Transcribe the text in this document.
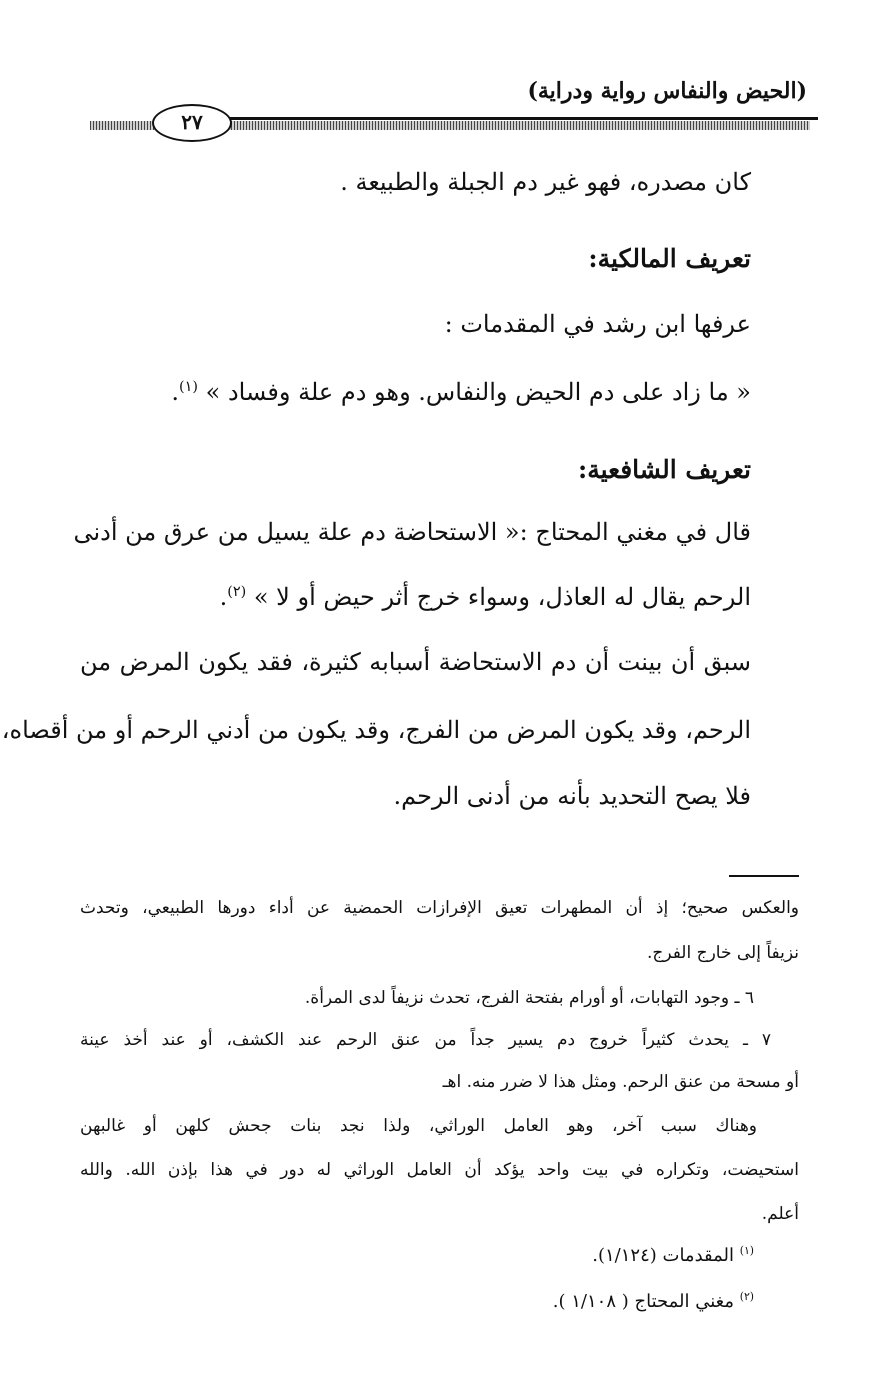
(الحيض والنفاس رواية ودراية)
٢٧
كان مصدره، فهو غير دم الجبلة والطبيعة .
تعريف المالكية:
عرفها ابن رشد في المقدمات :
« ما زاد على دم الحيض والنفاس. وهو دم علة وفساد » $^{(١)}$.
تعريف الشافعية:
قال في مغني المحتاج :« الاستحاضة دم علة يسيل من عرق من أدنى
الرحم يقال له العاذل، وسواء خرج أثر حيض أو لا » $^{(٢)}$.
سبق أن بينت أن دم الاستحاضة أسبابه كثيرة، فقد يكون المرض من
الرحم، وقد يكون المرض من الفرج، وقد يكون من أدني الرحم أو من أقصاه،
فلا يصح التحديد بأنه من أدنى الرحم.
والعكس صحيح؛ إذ أن المطهرات تعيق الإفرازات الحمضية عن أداء دورها الطبيعي، وتحدث
نزيفاً إلى خارج الفرج.
٦ ـ وجود التهابات، أو أورام بفتحة الفرج، تحدث نزيفاً لدى المرأة.
٧ ـ يحدث كثيراً خروج دم يسير جداً من عنق الرحم عند الكشف، أو عند أخذ عينة
أو مسحة من عنق الرحم. ومثل هذا لا ضرر منه. اهـ
وهناك سبب آخر، وهو العامل الوراثي، ولذا نجد بنات جحش كلهن أو غالبهن
استحيضت، وتكراره في بيت واحد يؤكد أن العامل الوراثي له دور في هذا بإذن الله. والله
أعلم.
$^{(١)}$ المقدمات (١/١٢٤).
$^{(٢)}$ مغني المحتاج ( ١/١٠٨ ).
